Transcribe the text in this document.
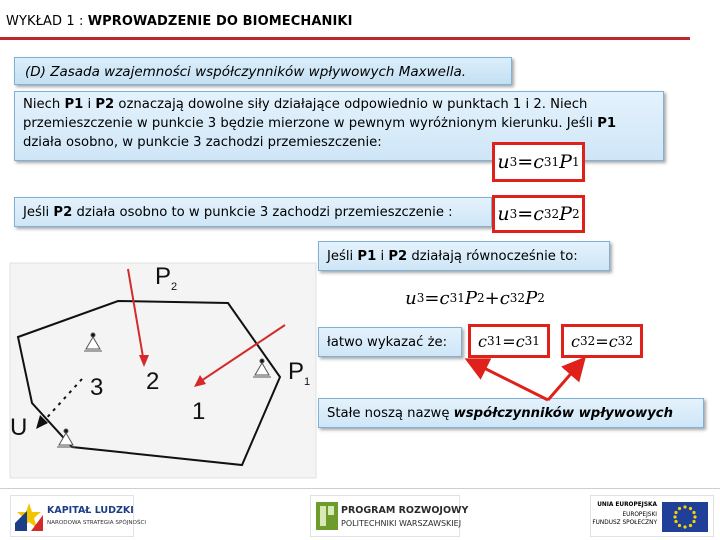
WYKŁAD 1 : WPROWADZENIE DO BIOMECHANIKI
(D) Zasada wzajemności współczynników wpływowych Maxwella.
Niech P1 i P2 oznaczają dowolne siły działające odpowiednio w punktach 1 i 2. Niech przemieszczenie w punkcie 3 będzie mierzone w pewnym wyróżnionym kierunku. Jeśli P1 działa osobno, w punkcie 3 zachodzi przemieszczenie:
Jeśli P2 działa osobno to w punkcie 3 zachodzi przemieszczenie :
Jeśli P1 i P2 działają równocześnie to:
łatwo wykazać że:
Stałe noszą nazwę współczynników wpływowych
u 3 = c 31 P 1
u 3 = c 32 P 2
u 3 = c 31 P 2 + c 32 P 2
c 31 = c 31 c 32 = c 32
$P_2$
$P_1$
U
3 2
1
KAPITAŁ LUDZKI
NARODOWA STRATEGIA SPÓJNOŚCI
PROGRAM ROZWOJOWY
POLITECHNIKI WARSZAWSKIEJ
UNIA EUROPEJSKA
EUROPEJSKI
FUNDUSZ SPOŁECZNY
